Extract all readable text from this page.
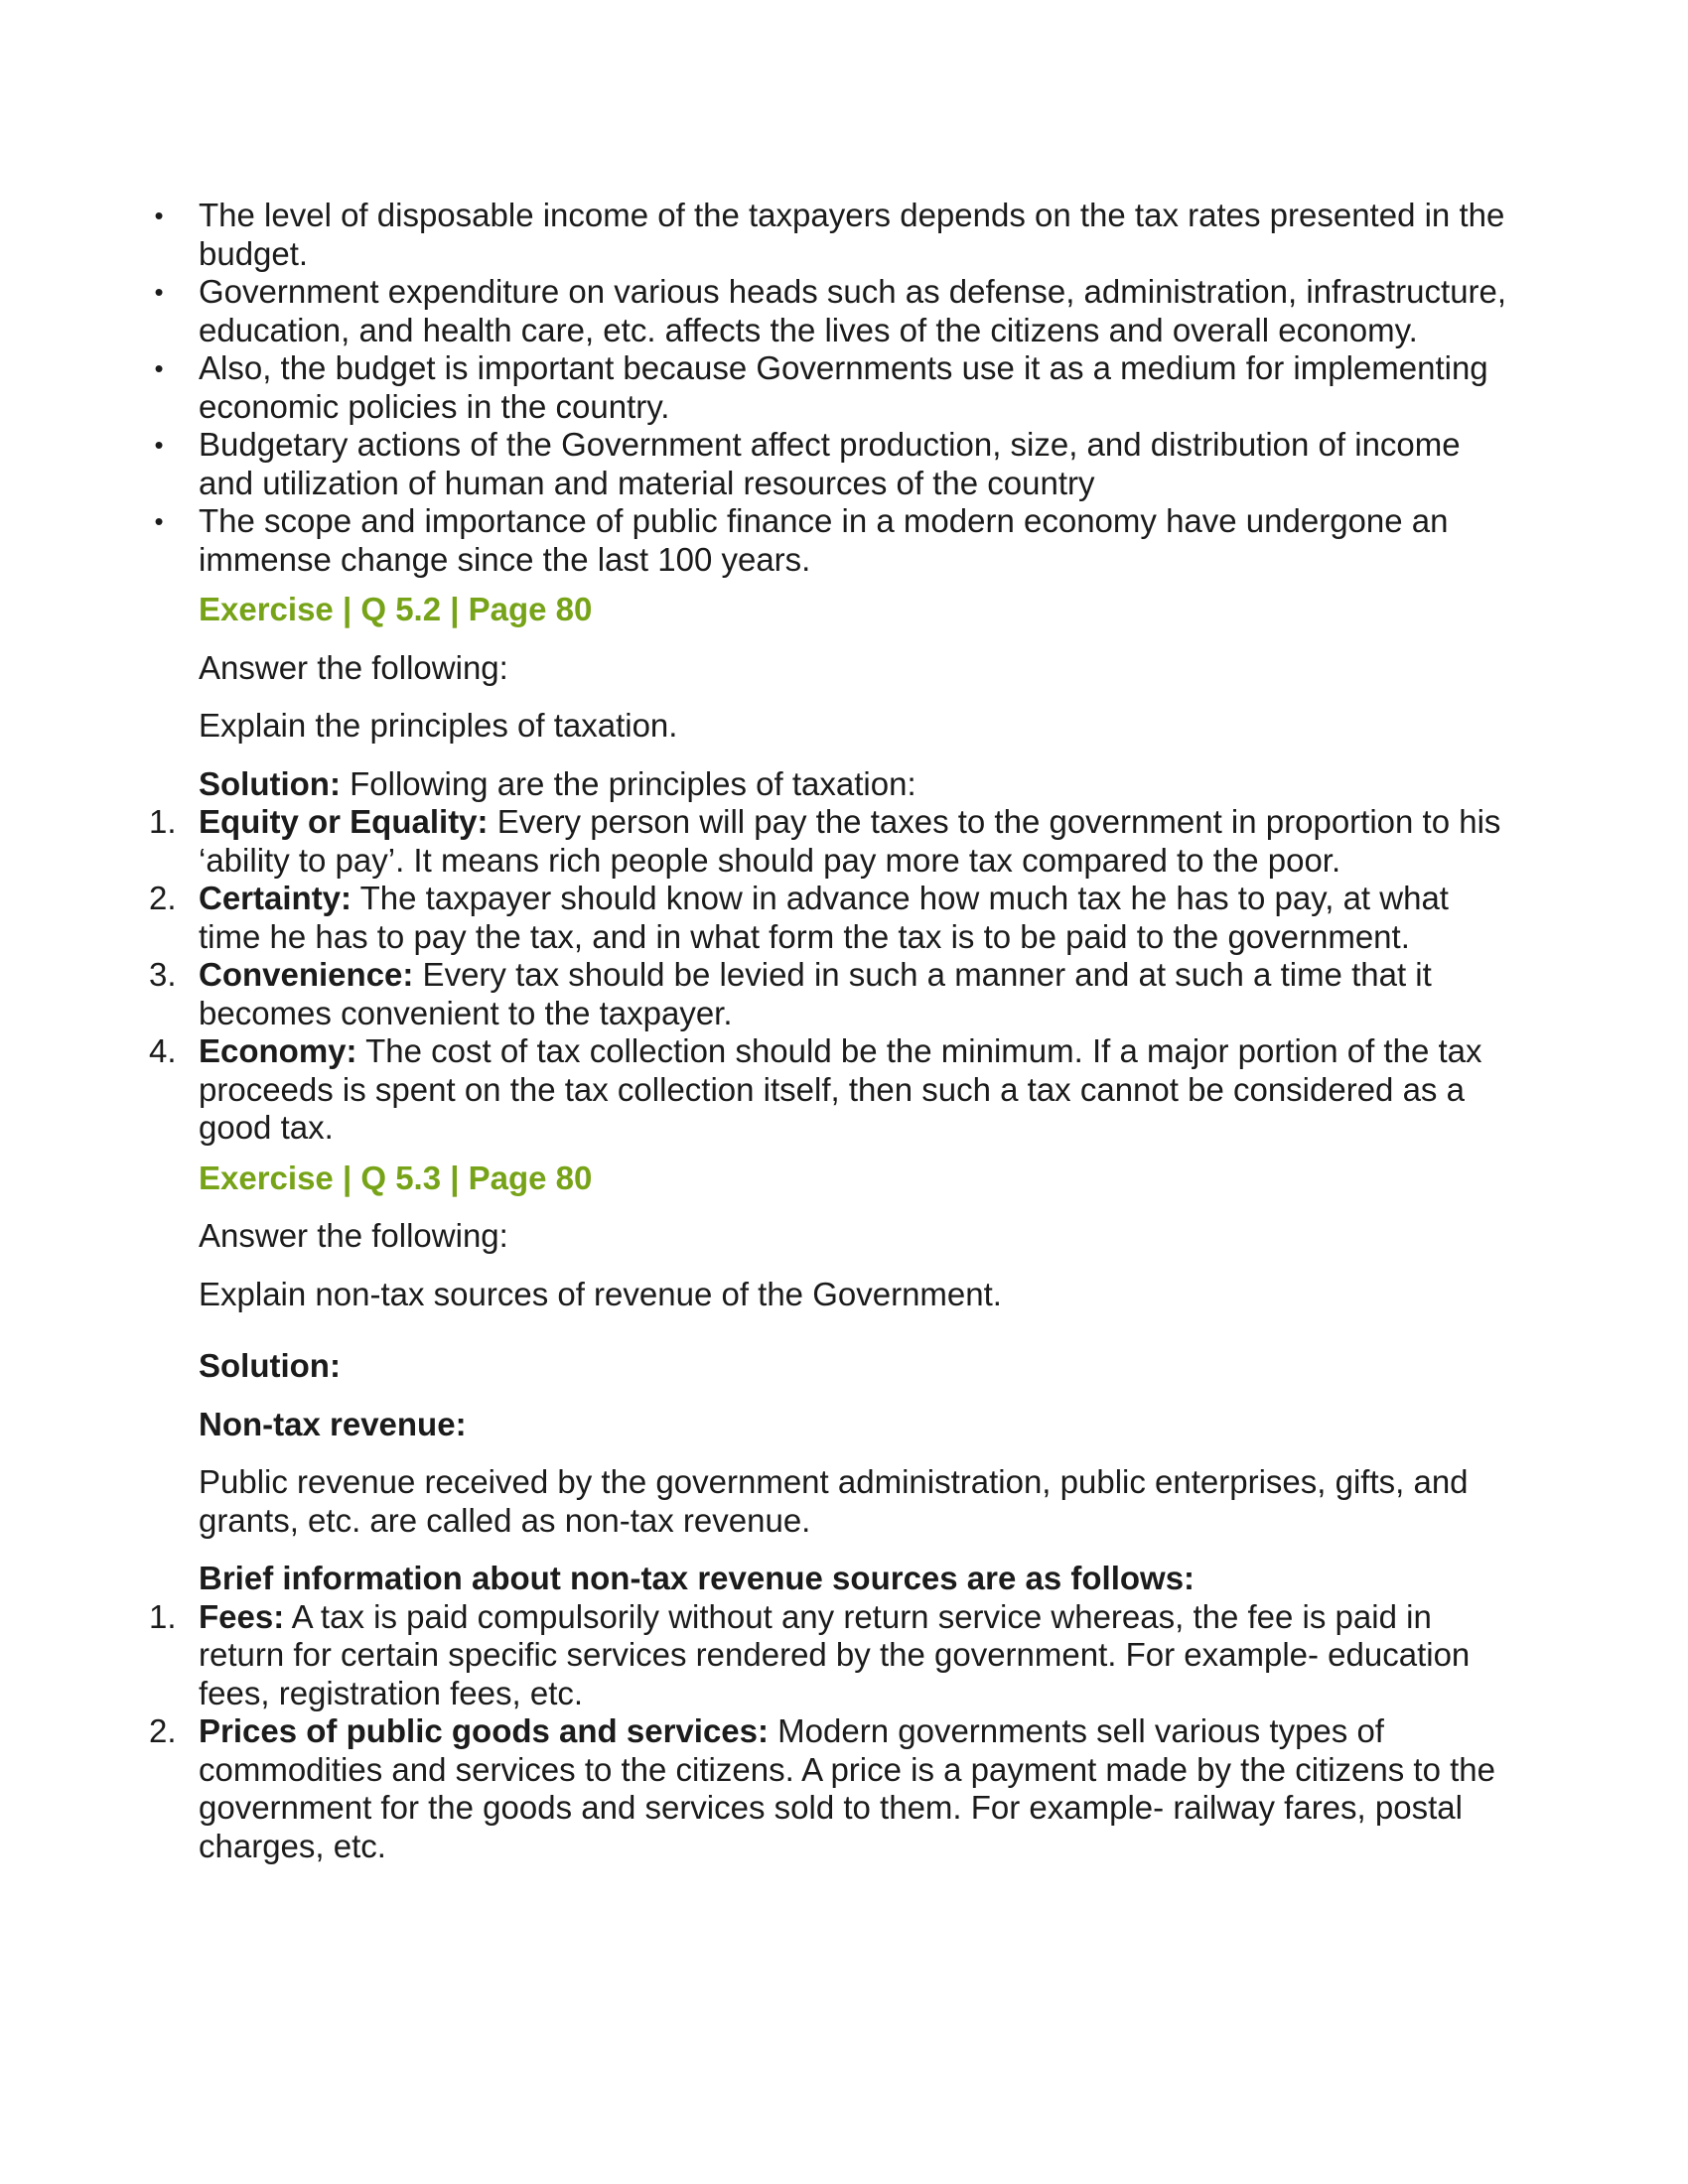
• The level of disposable income of the taxpayers depends on the tax rates presented in the budget.
• Government expenditure on various heads such as defense, administration, infrastructure, education, and health care, etc. affects the lives of the citizens and overall economy.
• Also, the budget is important because Governments use it as a medium for implementing economic policies in the country.
• Budgetary actions of the Government affect production, size, and distribution of income and utilization of human and material resources of the country
• The scope and importance of public finance in a modern economy have undergone an immense change since the last 100 years.
Exercise | Q 5.2 | Page 80
Answer the following:
Explain the principles of taxation.
Solution: Following are the principles of taxation:
1. Equity or Equality: Every person will pay the taxes to the government in proportion to his ‘ability to pay’. It means rich people should pay more tax compared to the poor.
2. Certainty: The taxpayer should know in advance how much tax he has to pay, at what time he has to pay the tax, and in what form the tax is to be paid to the government.
3. Convenience: Every tax should be levied in such a manner and at such a time that it becomes convenient to the taxpayer.
4. Economy: The cost of tax collection should be the minimum. If a major portion of the tax proceeds is spent on the tax collection itself, then such a tax cannot be considered as a good tax.
Exercise | Q 5.3 | Page 80
Answer the following:
Explain non-tax sources of revenue of the Government.
Solution:
Non-tax revenue:
Public revenue received by the government administration, public enterprises, gifts, and grants, etc. are called as non-tax revenue.
Brief information about non-tax revenue sources are as follows:
1. Fees: A tax is paid compulsorily without any return service whereas, the fee is paid in return for certain specific services rendered by the government. For example- education fees, registration fees, etc.
2. Prices of public goods and services: Modern governments sell various types of commodities and services to the citizens. A price is a payment made by the citizens to the government for the goods and services sold to them. For example- railway fares, postal charges, etc.
